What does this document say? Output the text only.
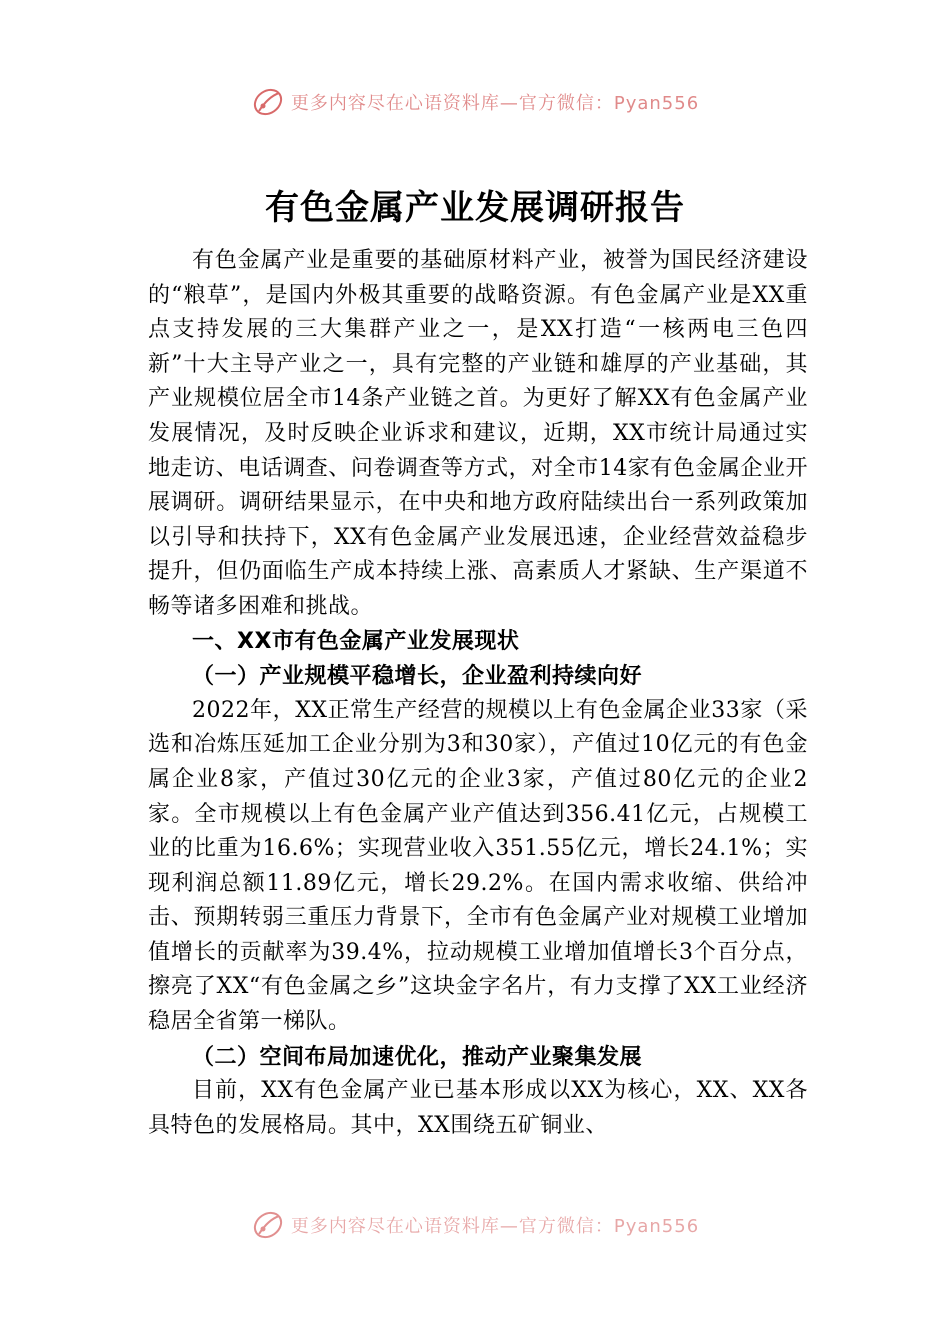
更多内容尽在心语资料库—官方微信：Pyan556
有色金属产业发展调研报告

有色金属产业是重要的基础原材料产业，被誉为国民经济建设的“粮草”，是国内外极其重要的战略资源。有色金属产业是XX重点支持发展的三大集群产业之一，是XX打造“一核两电三色四新”十大主导产业之一，具有完整的产业链和雄厚的产业基础，其产业规模位居全市14条产业链之首。为更好了解XX有色金属产业发展情况，及时反映企业诉求和建议，近期，XX市统计局通过实地走访、电话调查、问卷调查等方式，对全市14家有色金属企业开展调研。调研结果显示，在中央和地方政府陆续出台一系列政策加以引导和扶持下，XX有色金属产业发展迅速，企业经营效益稳步提升，但仍面临生产成本持续上涨、高素质人才紧缺、生产渠道不畅等诸多困难和挑战。

一、XX市有色金属产业发展现状

（一）产业规模平稳增长，企业盈利持续向好

2022年，XX正常生产经营的规模以上有色金属企业33家（采选和冶炼压延加工企业分别为3和30家），产值过10亿元的有色金属企业8家，产值过30亿元的企业3家，产值过80亿元的企业2家。全市规模以上有色金属产业产值达到356.41亿元，占规模工业的比重为16.6%；实现营业收入351.55亿元，增长24.1%；实现利润总额11.89亿元，增长29.2%。在国内需求收缩、供给冲击、预期转弱三重压力背景下，全市有色金属产业对规模工业增加值增长的贡献率为39.4%，拉动规模工业增加值增长3个百分点，擦亮了XX“有色金属之乡”这块金字名片，有力支撑了XX工业经济稳居全省第一梯队。

（二）空间布局加速优化，推动产业聚集发展

目前，XX有色金属产业已基本形成以XX为核心，XX、XX各具特色的发展格局。其中，XX围绕五矿铜业、

更多内容尽在心语资料库—官方微信：Pyan556
